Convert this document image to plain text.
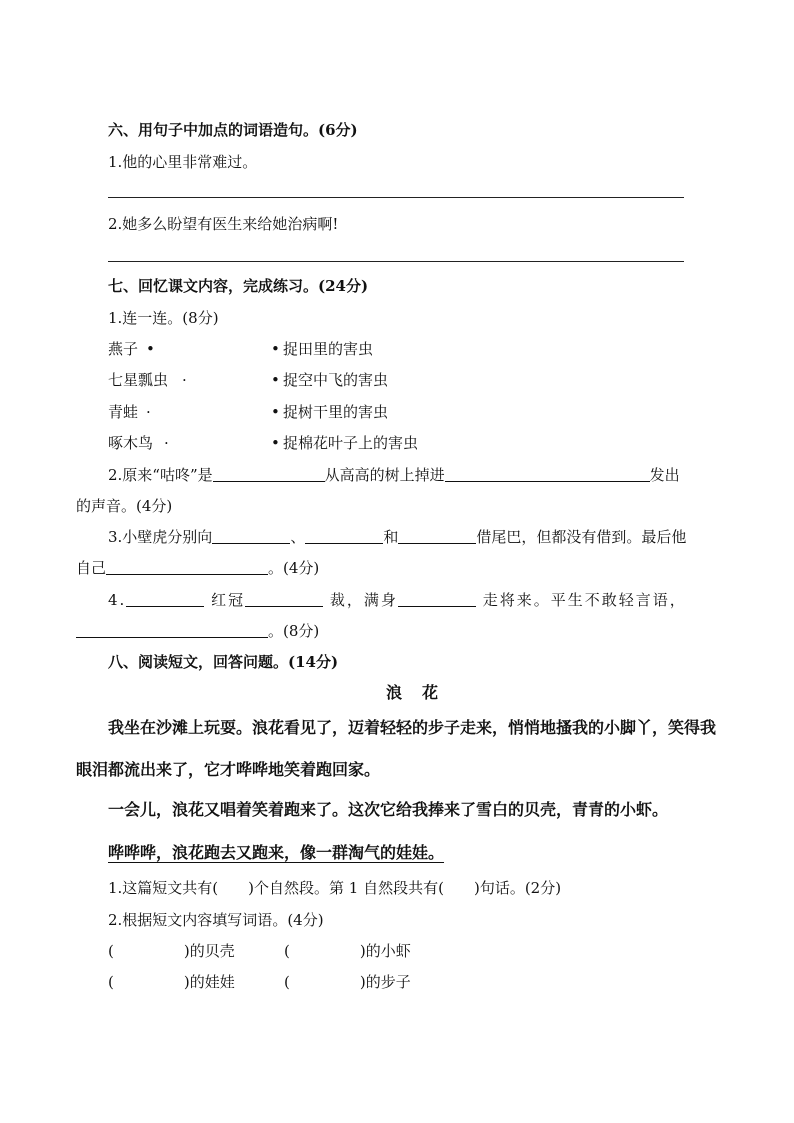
六、用句子中加点的词语造句。(6分)
1.他的心里非常难过。
2.她多么盼望有医生来给她治病啊!
七、回忆课文内容，完成练习。(24分)
1.连一连。(8分)
燕子 •	• 捉田里的害虫
七星瓢虫 ·	• 捉空中飞的害虫
青蛙 ·	• 捉树干里的害虫
啄木鸟 ·	• 捉棉花叶子上的害虫
2.原来“咕咚”是	从高高的树上掉进	发出
的声音。(4分)
3.小壁虎分别向	、	和	借尾巴，但都没有借到。最后他
自己	。(4分)
4.	红冠	裁，满身	走将来。平生不敢轻言语，
。(8分)
八、阅读短文，回答问题。(14分)
浪　花
我坐在沙滩上玩耍。浪花看见了，迈着轻轻的步子走来，悄悄地搔我的小脚丫，笑得我
眼泪都流出来了，它才哗哗地笑着跑回家。
一会儿，浪花又唱着笑着跑来了。这次它给我捧来了雪白的贝壳，青青的小虾。
哗哗哗，浪花跑去又跑来，像一群淘气的娃娃。
1.这篇短文共有( )个自然段。第 1 自然段共有( )句话。(2分)
2.根据短文内容填写词语。(4分)
(	)的贝壳	(	)的小虾
(	)的娃娃	(	)的步子
